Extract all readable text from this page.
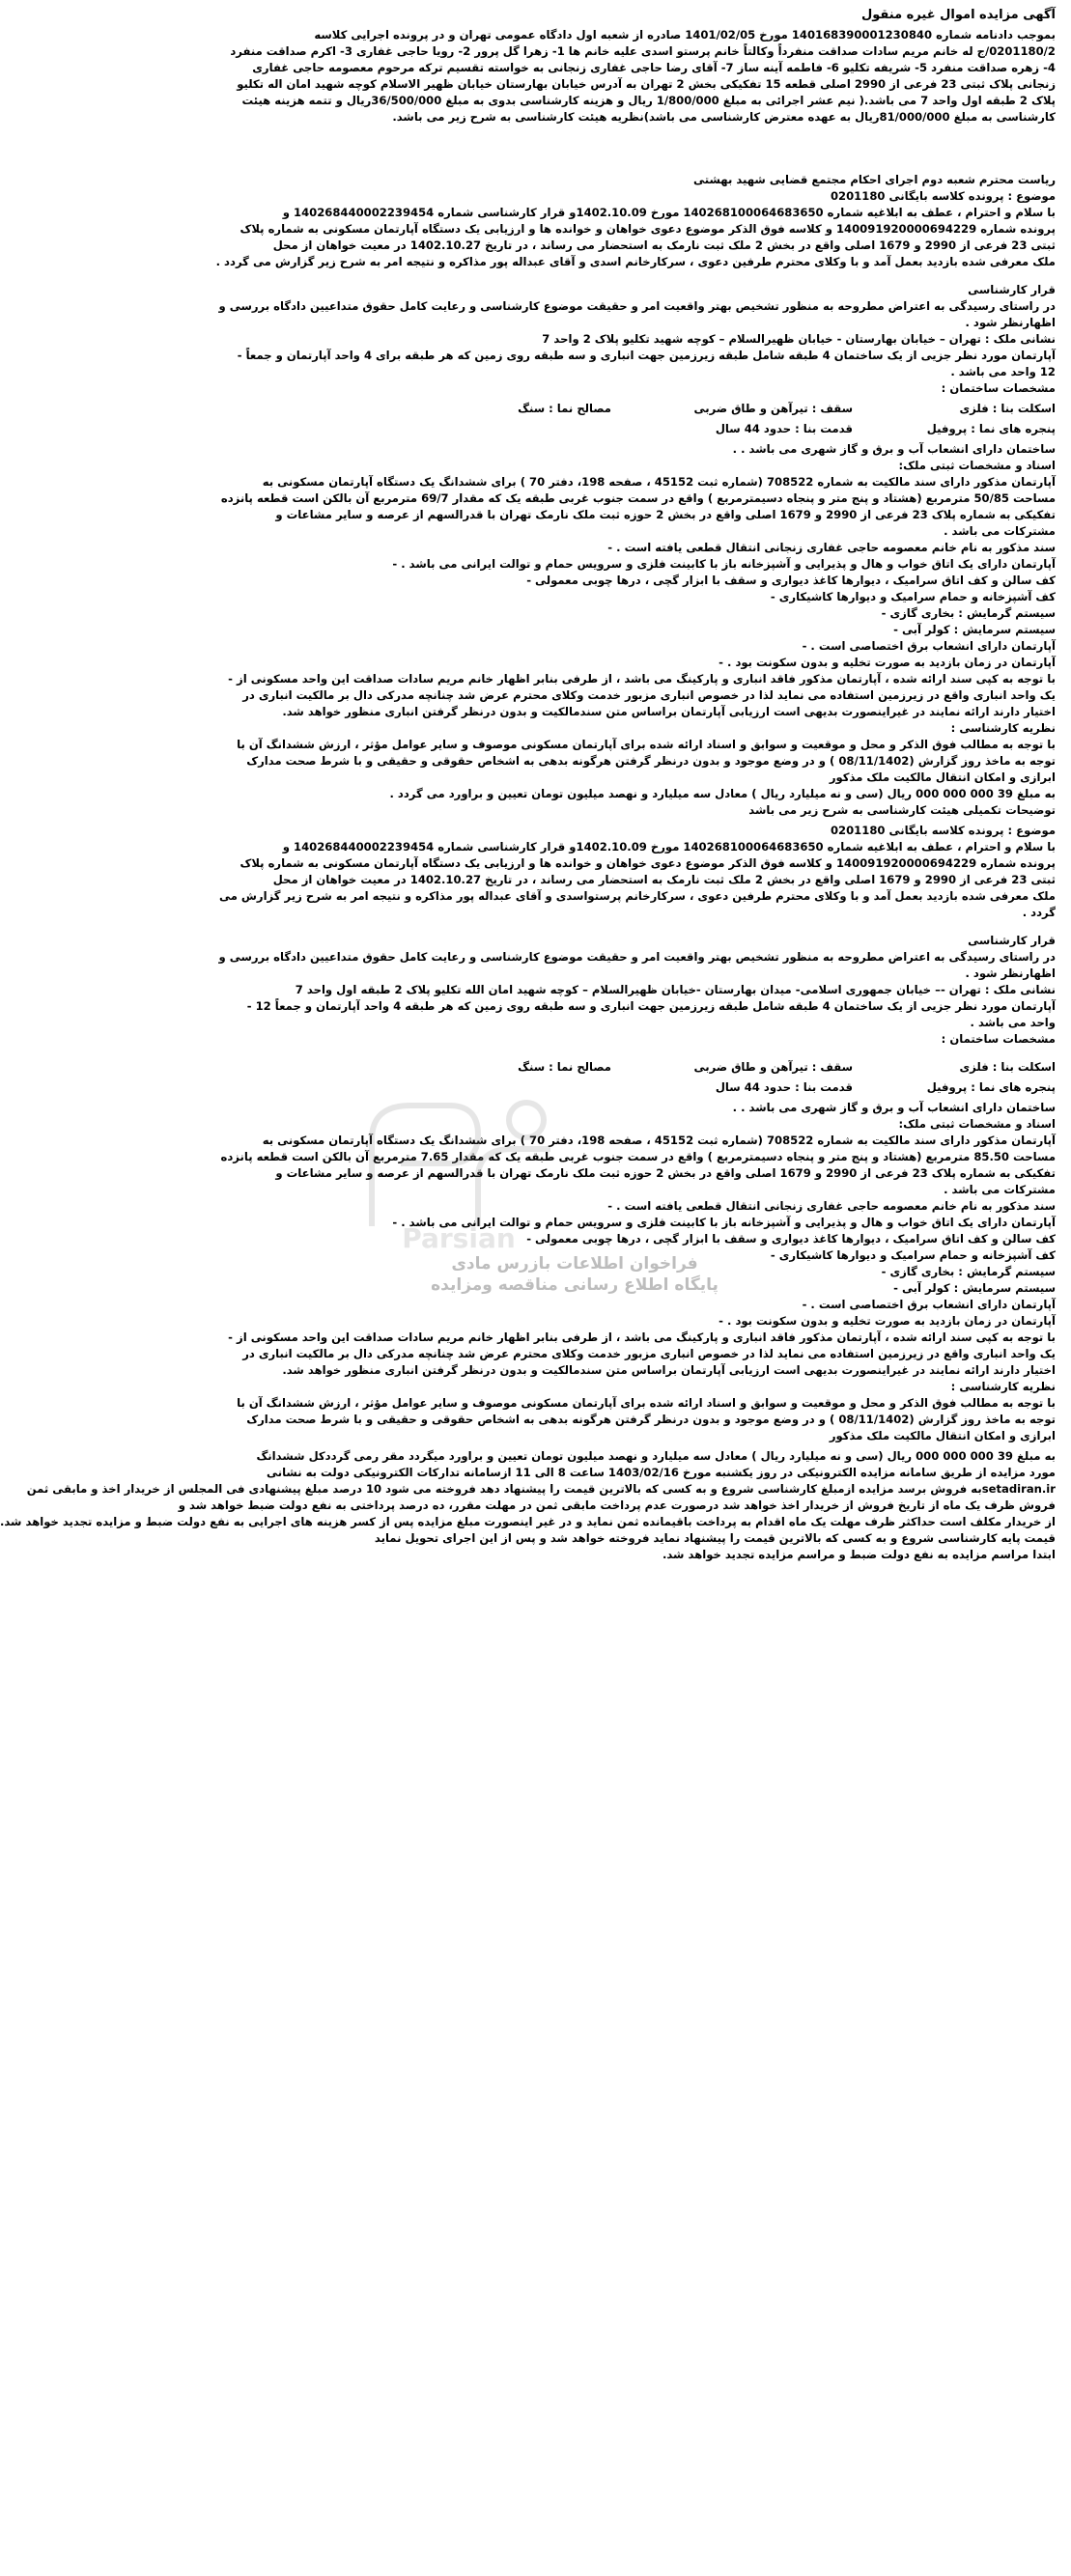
آگهی مزایده اموال غیره منقول
بموجب دادنامه شماره 140168390001230840 مورخ 1401/02/05 صادره از شعبه اول دادگاه عمومی تهران و در پرونده اجرایی کلاسه
0201180/2/ج له خانم مریم سادات صداقت منفرداً وکالتاً خانم پرستو اسدی علیه خانم ها 1- زهرا گل پرور 2- رویا حاجی غفاری 3- اکرم صداقت منفرد
4- زهره صداقت منفرد 5- شریفه تکلیو 6- فاطمه آینه ساز 7- آقای رضا حاجی غفاری زنجانی به خواسته تقسیم ترکه مرحوم معصومه حاجی غفاری
زنجانی پلاک ثبتی 23 فرعی از 2990 اصلی قطعه 15 تفکیکی بخش 2 تهران به آدرس خیابان بهارستان خیابان ظهیر الاسلام کوچه شهید امان اله تکلیو
پلاک 2 طبقه اول واحد 7 می باشد.( نیم عشر اجرائی به مبلغ 1/800/000 ریال و هزینه کارشناسی بدوی به مبلغ 36/500/000ریال و تتمه هزینه هیئت
کارشناسی به مبلغ 81/000/000ریال به عهده معترض کارشناسی می باشد)نظریه هیئت کارشناسی به شرح زیر می باشد.
ریاست محترم شعبه دوم اجرای احکام مجتمع قضایی شهید بهشتی
موضوع : پرونده کلاسه بایگانی 0201180
با سلام و احترام ، عطف به ابلاغیه شماره 140268100064683650 مورخ 1402.10.09و قرار کارشناسی شماره 140268440002239454 و
پرونده شماره 140091920000694229 و کلاسه فوق الذکر موضوع دعوی خواهان و خوانده ها و ارزیابی یک دستگاه آپارتمان مسکونی به شماره پلاک
ثبتی 23 فرعی از 2990 و 1679 اصلی واقع در بخش 2 ملک ثبت نارمک به استحضار می رساند ، در تاریخ 1402.10.27 در معیت خواهان از محل
ملک معرفی شده بازدید بعمل آمد و با وکلای محترم طرفین دعوی ، سرکارخانم اسدی و آقای عبداله پور مذاکره و نتیجه امر به شرح زیر گزارش می گردد .
قرار کارشناسی
در راستای رسیدگی به اعتراض مطروحه به منظور تشخیص بهتر واقعیت امر و حقیقت موضوع کارشناسی و رعایت کامل حقوق متداعیین دادگاه بررسی و
اظهارنظر شود .
نشانی ملک : تهران – خیابان بهارستان - خیابان ظهیرالسلام – کوچه شهید تکلیو پلاک 2 واحد 7
آپارتمان مورد نظر جزیی از یک ساختمان 4 طبقه شامل طبقه زیرزمین جهت انباری و سه طبقه روی زمین که هر طبقه برای 4 واحد آپارتمان و جمعاً -
12 واحد می باشد .
مشخصات ساختمان :
اسکلت بنا : فلزی
سقف : تیرآهن و طاق ضربی
مصالح نما : سنگ
پنجره های نما : پروفیل
قدمت بنا : حدود 44 سال
ساختمان دارای انشعاب آب و برق و گاز شهری می باشد . .
اسناد و مشخصات ثبتی ملک:
آپارتمان مذکور دارای سند مالکیت به شماره 708522 (شماره ثبت 45152 ، صفحه 198، دفتر 70 ) برای ششدانگ یک دستگاه آپارتمان مسکونی به
مساحت 50/85 مترمربع (هشتاد و پنج متر و پنجاه دسیمترمربع ) واقع در سمت جنوب غربی طبقه یک که مقدار 69/7 مترمربع آن بالکن است قطعه پانزده
تفکیکی به شماره پلاک 23 فرعی از 2990 و 1679 اصلی واقع در بخش 2 حوزه ثبت ملک نارمک تهران با قدرالسهم از عرصه و سایر مشاعات و
مشترکات می باشد .
سند مذکور به نام خانم معصومه حاجی غفاری زنجانی انتقال قطعی یافته است . -
آپارتمان دارای یک اتاق خواب و هال و پذیرایی و آشپزخانه باز با کابینت فلزی و سرویس حمام و توالت ایرانی می باشد . -
کف سالن و کف اتاق سرامیک ، دیوارها کاغذ دیواری و سقف با ابزار گچی ، درها چوبی معمولی -
کف آشپزخانه و حمام سرامیک و دیوارها کاشیکاری -
سیستم گرمایش : بخاری گازی -
سیستم سرمایش : کولر آبی -
آپارتمان دارای انشعاب برق اختصاصی است . -
آپارتمان در زمان بازدید به صورت تخلیه و بدون سکونت بود . -
با توجه به کپی سند ارائه شده ، آپارتمان مذکور فاقد انباری و پارکینگ می باشد ، از طرفی بنابر اظهار خانم مریم سادات صداقت این واحد مسکونی از -
یک واحد انباری واقع در زیرزمین استفاده می نماید لذا در خصوص انباری مزبور خدمت وکلای محترم عرض شد چنانچه مدرکی دال بر مالکیت انباری در
اختیار دارند ارائه نمایند در غیراینصورت بدیهی است ارزیابی آپارتمان براساس متن سندمالکیت و بدون درنظر گرفتن انباری منظور خواهد شد.
نظریه کارشناسی :
با توجه به مطالب فوق الذکر و محل و موقعیت و سوابق و اسناد ارائه شده برای آپارتمان مسکونی موصوف و سایر عوامل مؤثر ، ارزش ششدانگ آن با
توجه به ماخذ روز گزارش (08/11/1402 ) و در وضع موجود و بدون درنظر گرفتن هرگونه بدهی به اشخاص حقوقی و حقیقی و با شرط صحت مدارک
ابرازی و امکان انتقال مالکیت ملک مذکور
به مبلغ 39 000 000 000 ریال (سی و نه میلیارد ریال ) معادل سه میلیارد و نهصد میلیون تومان تعیین و براورد می گردد .
توضیحات تکمیلی هیئت کارشناسی به شرح زیر می باشد
موضوع : پرونده کلاسه بایگانی 0201180
با سلام و احترام ، عطف به ابلاغیه شماره 140268100064683650 مورخ 1402.10.09و قرار کارشناسی شماره 140268440002239454 و
پرونده شماره 140091920000694229 و کلاسه فوق الذکر موضوع دعوی خواهان و خوانده ها و ارزیابی یک دستگاه آپارتمان مسکونی به شماره پلاک
ثبتی 23 فرعی از 2990 و 1679 اصلی واقع در بخش 2 ملک ثبت نارمک به استحضار می رساند ، در تاریخ 1402.10.27 در معیت خواهان از محل
ملک معرفی شده بازدید بعمل آمد و با وکلای محترم طرفین دعوی ، سرکارخانم پرستواسدی و آقای عبداله پور مذاکره و نتیجه امر به شرح زیر گزارش می
گردد .
قرار کارشناسی
در راستای رسیدگی به اعتراض مطروحه به منظور تشخیص بهتر واقعیت امر و حقیقت موضوع کارشناسی و رعایت کامل حقوق متداعیین دادگاه بررسی و
اظهارنظر شود .
نشانی ملک : تهران -– خیابان جمهوری اسلامی- میدان بهارستان -خیابان ظهیرالسلام – کوچه شهید امان الله تکلیو پلاک 2 طبقه اول واحد 7
آپارتمان مورد نظر جزیی از یک ساختمان 4 طبقه شامل طبقه زیرزمین جهت انباری و سه طبقه روی زمین که هر طبقه 4 واحد آپارتمان و جمعاً 12 -
واحد می باشد .
مشخصات ساختمان :
اسکلت بنا : فلزی
سقف : تیرآهن و طاق ضربی
مصالح نما : سنگ
پنجره های نما : پروفیل
قدمت بنا : حدود 44 سال
ساختمان دارای انشعاب آب و برق و گاز شهری می باشد . .
اسناد و مشخصات ثبتی ملک:
آپارتمان مذکور دارای سند مالکیت به شماره 708522 (شماره ثبت 45152 ، صفحه 198، دفتر 70 ) برای ششدانگ یک دستگاه آپارتمان مسکونی به
مساحت 85.50 مترمربع (هشتاد و پنج متر و پنجاه دسیمترمربع ) واقع در سمت جنوب غربی طبقه یک که مقدار 7.65 مترمربع آن بالکن است قطعه پانزده
تفکیکی به شماره پلاک 23 فرعی از 2990 و 1679 اصلی واقع در بخش 2 حوزه ثبت ملک نارمک تهران با قدرالسهم از عرصه و سایر مشاعات و
مشترکات می باشد .
سند مذکور به نام خانم معصومه حاجی غفاری زنجانی انتقال قطعی یافته است . -
آپارتمان دارای یک اتاق خواب و هال و پذیرایی و آشپزخانه باز با کابینت فلزی و سرویس حمام و توالت ایرانی می باشد . -
کف سالن و کف اتاق سرامیک ، دیوارها کاغذ دیواری و سقف با ابزار گچی ، درها چوبی معمولی -
کف آشپزخانه و حمام سرامیک و دیوارها کاشیکاری -
سیستم گرمایش : بخاری گازی -
سیستم سرمایش : کولر آبی -
آپارتمان دارای انشعاب برق اختصاصی است . -
آپارتمان در زمان بازدید به صورت تخلیه و بدون سکونت بود . -
با توجه به کپی سند ارائه شده ، آپارتمان مذکور فاقد انباری و پارکینگ می باشد ، از طرفی بنابر اظهار خانم مریم سادات صداقت این واحد مسکونی از -
یک واحد انباری واقع در زیرزمین استفاده می نماید لذا در خصوص انباری مزبور خدمت وکلای محترم عرض شد چنانچه مدرکی دال بر مالکیت انباری در
اختیار دارند ارائه نمایند در غیراینصورت بدیهی است ارزیابی آپارتمان براساس متن سندمالکیت و بدون درنظر گرفتن انباری منظور خواهد شد.
نظریه کارشناسی :
با توجه به مطالب فوق الذکر و محل و موقعیت و سوابق و اسناد ارائه شده برای آپارتمان مسکونی موصوف و سایر عوامل مؤثر ، ارزش ششدانگ آن با
توجه به ماخذ روز گزارش (08/11/1402 ) و در وضع موجود و بدون درنظر گرفتن هرگونه بدهی به اشخاص حقوقی و حقیقی و با شرط صحت مدارک
ابرازی و امکان انتقال مالکیت ملک مذکور
به مبلغ 39 000 000 000 ریال (سی و نه میلیارد ریال ) معادل سه میلیارد و نهصد میلیون تومان تعیین و براورد میگردد مقر رمی گرددکل ششدانگ
مورد مزایده از طریق سامانه مزایده الکترونیکی در روز یکشنبه مورخ 1403/02/16 ساعت 8 الی 11 ازسامانه تدارکات الکترونیکی دولت به نشانی
setadiran.irبه فروش برسد مزایده ازمبلغ کارشناسی شروع و به کسی که بالاترین قیمت را پیشنهاد دهد فروخته می شود 10 درصد مبلغ پیشنهادی فی المجلس از خریدار اخذ و مابقی ثمن
فروش ظرف یک ماه از تاریخ فروش از خریدار اخذ خواهد شد درصورت عدم پرداخت مابقی ثمن در مهلت مقرر، ده درصد پرداختی به نفع دولت ضبط خواهد شد و
از خریدار مکلف است حداکثر ظرف مهلت یک ماه اقدام به پرداخت باقیمانده ثمن نماید و در غیر اینصورت مبلغ مزایده پس از کسر هزینه های اجرایی به نفع دولت ضبط و مزایده تجدید خواهد شد.
قیمت پایه کارشناسی شروع و به کسی که بالاترین قیمت را پیشنهاد نماید فروخته خواهد شد و پس از این اجرای تحویل نماید
ابتدا مراسم مزایده به نفع دولت ضبط و مراسم مزایده تجدید خواهد شد.
Parsian
فراخوان اطلاعات بازرس مادی
پایگاه اطلاع رسانی مناقصه ومزایده
